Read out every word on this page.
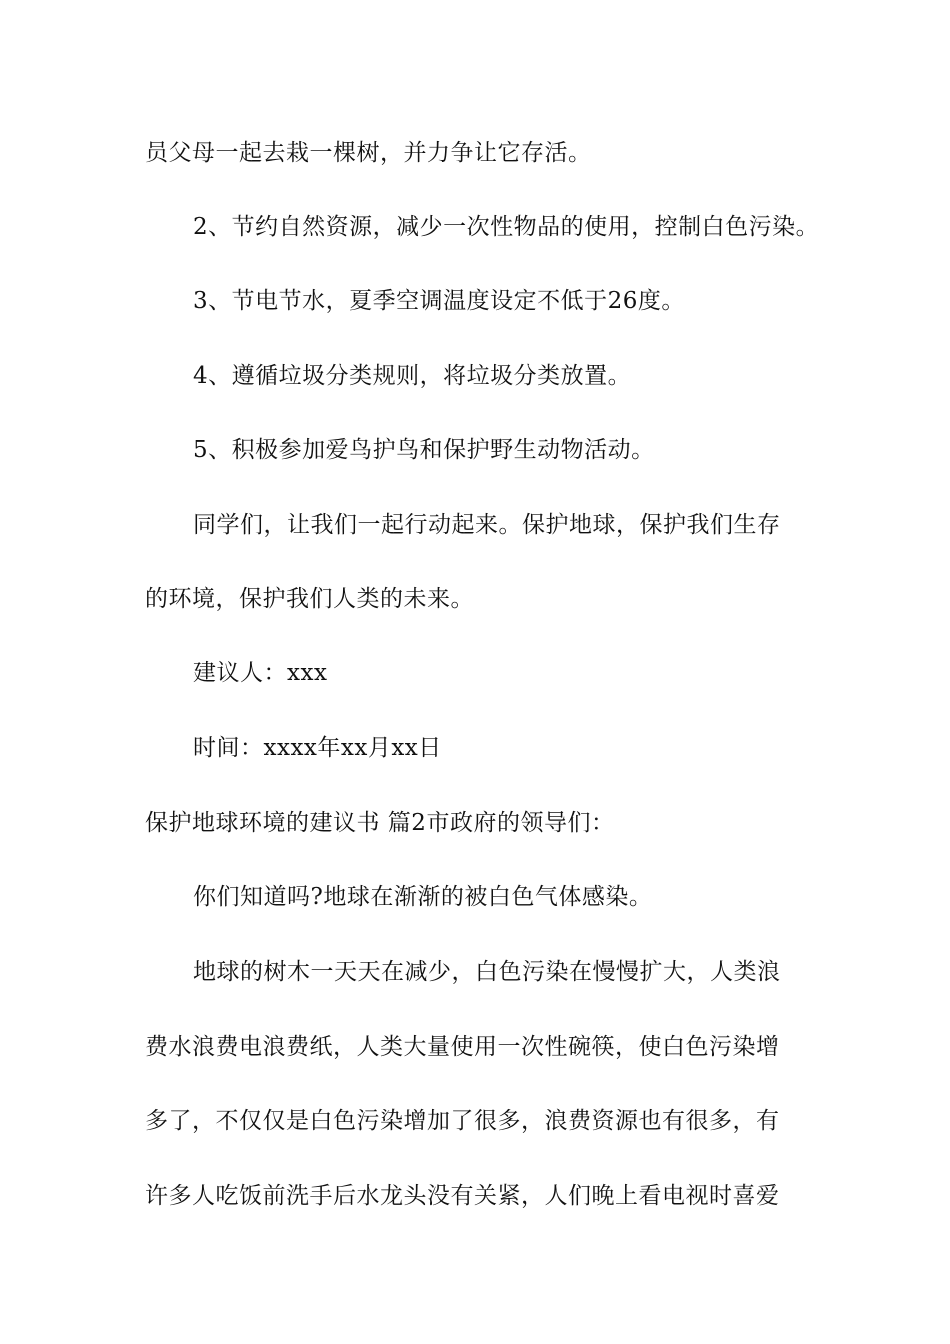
员父母一起去栽一棵树，并力争让它存活。
2、节约自然资源，减少一次性物品的使用，控制白色污染。
3、节电节水，夏季空调温度设定不低于26度。
4、遵循垃圾分类规则，将垃圾分类放置。
5、积极参加爱鸟护鸟和保护野生动物活动。
同学们，让我们一起行动起来。保护地球，保护我们生存
的环境，保护我们人类的未来。
建议人：xxx
时间：xxxx年xx月xx日
保护地球环境的建议书 篇2市政府的领导们：
你们知道吗?地球在渐渐的被白色气体感染。
地球的树木一天天在减少，白色污染在慢慢扩大，人类浪
费水浪费电浪费纸，人类大量使用一次性碗筷，使白色污染增
多了，不仅仅是白色污染增加了很多，浪费资源也有很多，有
许多人吃饭前洗手后水龙头没有关紧，人们晚上看电视时喜爱
